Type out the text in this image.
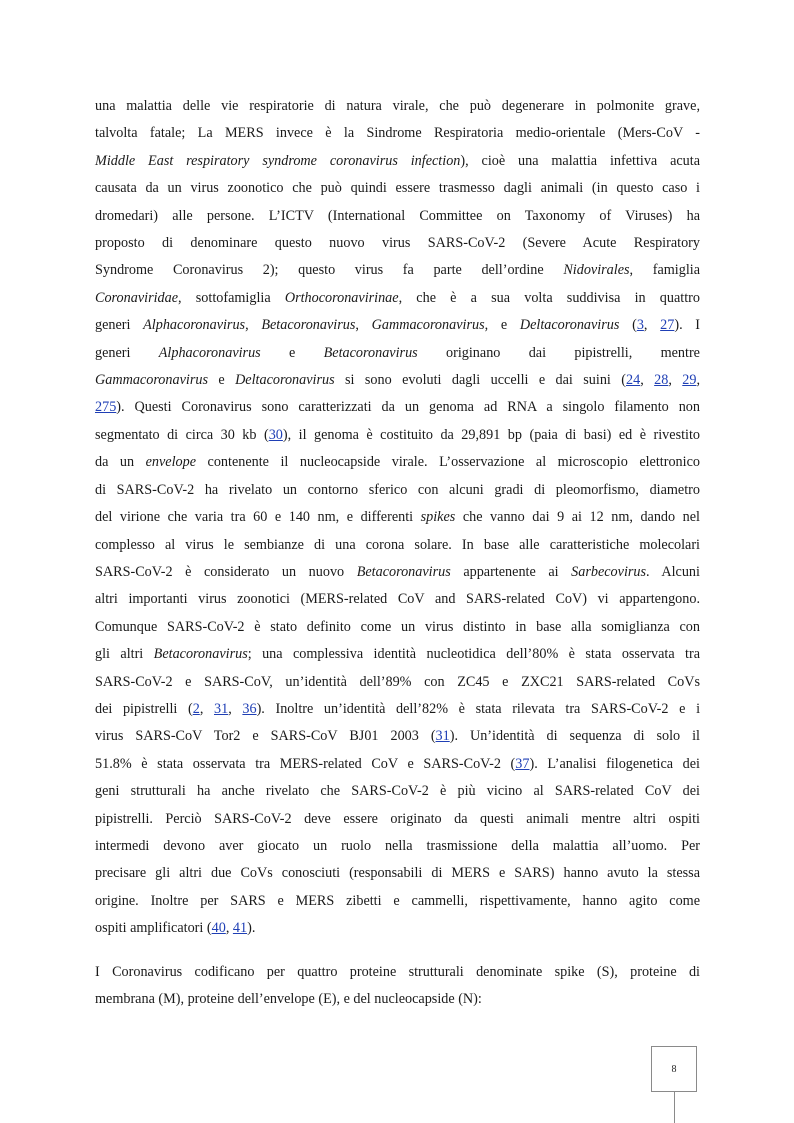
una malattia delle vie respiratorie di natura virale, che può degenerare in polmonite grave,
talvolta fatale; La MERS invece è la Sindrome Respiratoria medio-orientale (Mers-CoV -
Middle East respiratory syndrome coronavirus infection), cioè una malattia infettiva acuta
causata da un virus zoonotico che può quindi essere trasmesso dagli animali (in questo caso i
dromedari) alle persone. L’ICTV (International Committee on Taxonomy of Viruses) ha
proposto di denominare questo nuovo virus SARS-CoV-2 (Severe Acute Respiratory
Syndrome Coronavirus 2); questo virus fa parte dell’ordine Nidovirales, famiglia
Coronaviridae, sottofamiglia Orthocoronavirinae, che è a sua volta suddivisa in quattro
generi Alphacoronavirus, Betacoronavirus, Gammacoronavirus, e Deltacoronavirus (3, 27). I
generi Alphacoronavirus e Betacoronavirus originano dai pipistrelli, mentre
Gammacoronavirus e Deltacoronavirus si sono evoluti dagli uccelli e dai suini (24, 28, 29,
275). Questi Coronavirus sono caratterizzati da un genoma ad RNA a singolo filamento non
segmentato di circa 30 kb (30), il genoma è costituito da 29,891 bp (paia di basi) ed è rivestito
da un envelope contenente il nucleocapside virale. L’osservazione al microscopio elettronico
di SARS-CoV-2 ha rivelato un contorno sferico con alcuni gradi di pleomorfismo, diametro
del virione che varia tra 60 e 140 nm, e differenti spikes che vanno dai 9 ai 12 nm, dando nel
complesso al virus le sembianze di una corona solare. In base alle caratteristiche molecolari
SARS-CoV-2 è considerato un nuovo Betacoronavirus appartenente ai Sarbecovirus. Alcuni
altri importanti virus zoonotici (MERS-related CoV and SARS-related CoV) vi appartengono.
Comunque SARS-CoV-2 è stato definito come un virus distinto in base alla somiglianza con
gli altri Betacoronavirus; una complessiva identità nucleotidica dell’80% è stata osservata tra
SARS-CoV-2 e SARS-CoV, un’identità dell’89% con ZC45 e ZXC21 SARS-related CoVs
dei pipistrelli (2, 31, 36). Inoltre un’identità dell’82% è stata rilevata tra SARS-CoV-2 e i
virus SARS-CoV Tor2 e SARS-CoV BJ01 2003 (31). Un’identità di sequenza di solo il
51.8% è stata osservata tra MERS-related CoV e SARS-CoV-2 (37). L’analisi filogenetica dei
geni strutturali ha anche rivelato che SARS-CoV-2 è più vicino al SARS-related CoV dei
pipistrelli. Perciò SARS-CoV-2 deve essere originato da questi animali mentre altri ospiti
intermedi devono aver giocato un ruolo nella trasmissione della malattia all’uomo. Per
precisare gli altri due CoVs conosciuti (responsabili di MERS e SARS) hanno avuto la stessa
origine. Inoltre per SARS e MERS zibetti e cammelli, rispettivamente, hanno agito come
ospiti amplificatori (40, 41).
I Coronavirus codificano per quattro proteine strutturali denominate spike (S), proteine di
membrana (M), proteine dell’envelope (E), e del nucleocapside (N):
8
